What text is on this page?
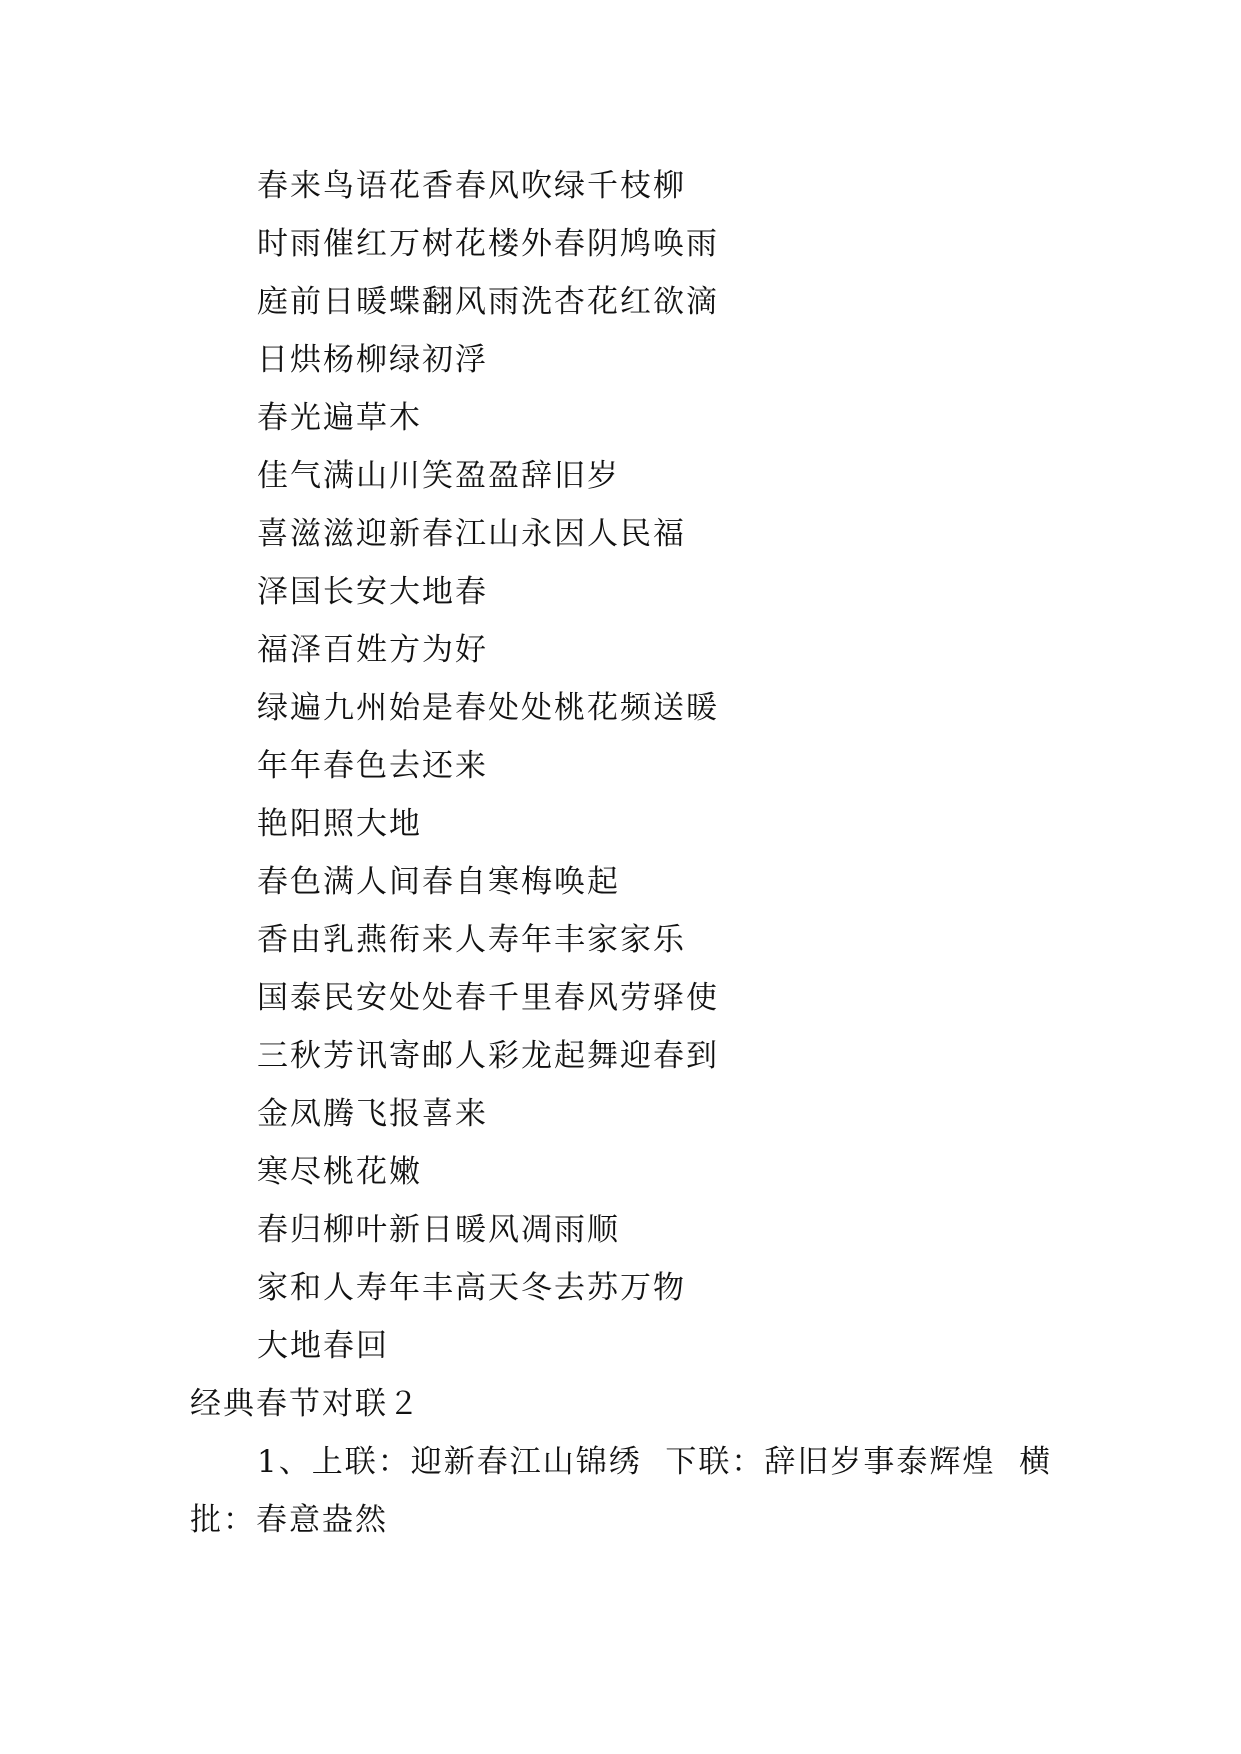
春来鸟语花香春风吹绿千枝柳
时雨催红万树花楼外春阴鸠唤雨
庭前日暖蝶翻风雨洗杏花红欲滴
日烘杨柳绿初浮
春光遍草木
佳气满山川笑盈盈辞旧岁
喜滋滋迎新春江山永因人民福
泽国长安大地春
福泽百姓方为好
绿遍九州始是春处处桃花频送暖
年年春色去还来
艳阳照大地
春色满人间春自寒梅唤起
香由乳燕衔来人寿年丰家家乐
国泰民安处处春千里春风劳驿使
三秋芳讯寄邮人彩龙起舞迎春到
金凤腾飞报喜来
寒尽桃花嫩
春归柳叶新日暖风凋雨顺
家和人寿年丰高天冬去苏万物
大地春回
经典春节对联２
1、上联：迎新春江山锦绣  下联：辞旧岁事泰辉煌  横
批：春意盎然
